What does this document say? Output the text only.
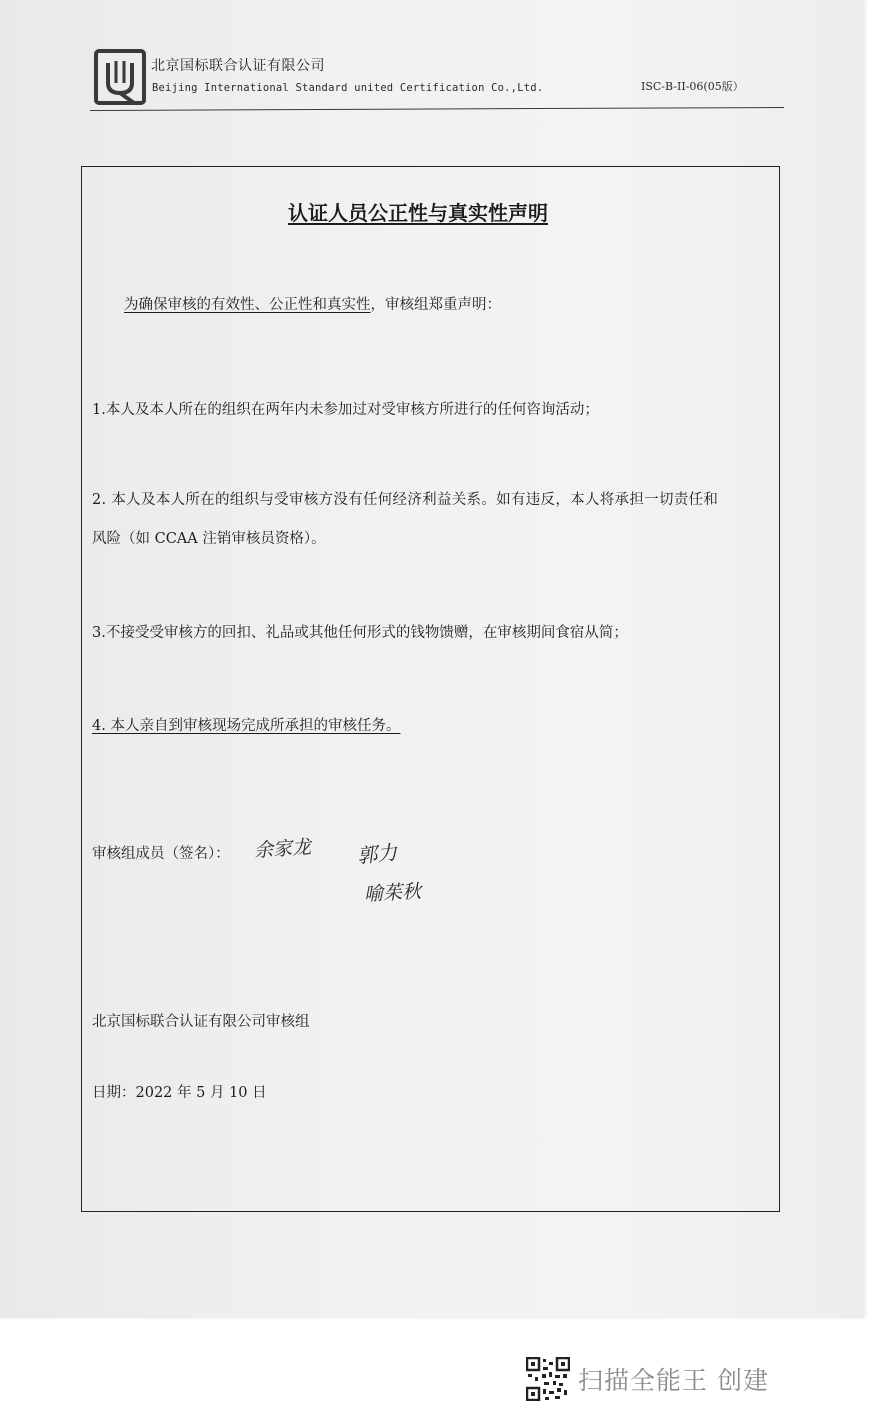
北京国标联合认证有限公司
Beijing International Standard united Certification Co.,Ltd.	ISC-B-II-06(05版）
认证人员公正性与真实性声明
为确保审核的有效性、公正性和真实性，审核组郑重声明：
1.本人及本人所在的组织在两年内未参加过对受审核方所进行的任何咨询活动；
2. 本人及本人所在的组织与受审核方没有任何经济利益关系。如有违反，本人将承担一切责任和
风险（如 CCAA 注销审核员资格）。
3.不接受受审核方的回扣、礼品或其他任何形式的钱物馈赠，在审核期间食宿从简；
4. 本人亲自到审核现场完成所承担的审核任务。
审核组成员（签名）： 余家龙 郭力
喻茱秋
北京国标联合认证有限公司审核组
日期：2022 年 5 月 10 日
扫描全能王 创建
